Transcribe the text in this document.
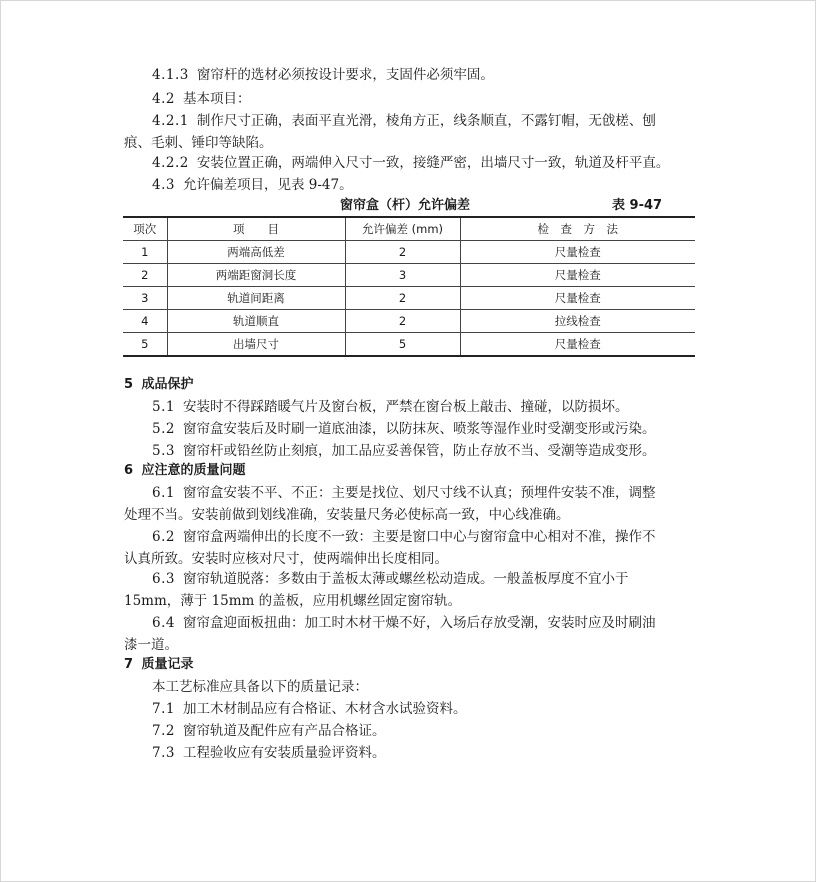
4.1.3 窗帘杆的选材必须按设计要求，支固件必须牢固。
4.2 基本项目：
4.2.1 制作尺寸正确，表面平直光滑，棱角方正，线条顺直，不露钉帽，无戗槎、刨
痕、毛刺、锤印等缺陷。
4.2.2 安装位置正确，两端伸入尺寸一致，接缝严密，出墙尺寸一致，轨道及杆平直。
4.3 允许偏差项目，见表 9-47。
窗帘盒（杆）允许偏差	表 9-47
项次	项　　目	允许偏差 (mm)	检　查　方　法
1	两端高低差	2	尺量检查
2	两端距窗洞长度	3	尺量检查
3	轨道间距离	2	尺量检查
4	轨道顺直	2	拉线检查
5	出墙尺寸	5	尺量检查
5 成品保护
5.1 安装时不得踩踏暖气片及窗台板，严禁在窗台板上敲击、撞碰，以防损坏。
5.2 窗帘盒安装后及时刷一道底油漆，以防抹灰、喷浆等湿作业时受潮变形或污染。
5.3 窗帘杆或铅丝防止刻痕，加工品应妥善保管，防止存放不当、受潮等造成变形。
6 应注意的质量问题
6.1 窗帘盒安装不平、不正：主要是找位、划尺寸线不认真；预埋件安装不准，调整
处理不当。安装前做到划线准确，安装量尺务必使标高一致，中心线准确。
6.2 窗帘盒两端伸出的长度不一致：主要是窗口中心与窗帘盒中心相对不准，操作不
认真所致。安装时应核对尺寸，使两端伸出长度相同。
6.3 窗帘轨道脱落：多数由于盖板太薄或螺丝松动造成。一般盖板厚度不宜小于
15mm，薄于 15mm 的盖板，应用机螺丝固定窗帘轨。
6.4 窗帘盒迎面板扭曲：加工时木材干燥不好，入场后存放受潮，安装时应及时刷油
漆一道。
7 质量记录
本工艺标准应具备以下的质量记录：
7.1 加工木材制品应有合格证、木材含水试验资料。
7.2 窗帘轨道及配件应有产品合格证。
7.3 工程验收应有安装质量验评资料。
